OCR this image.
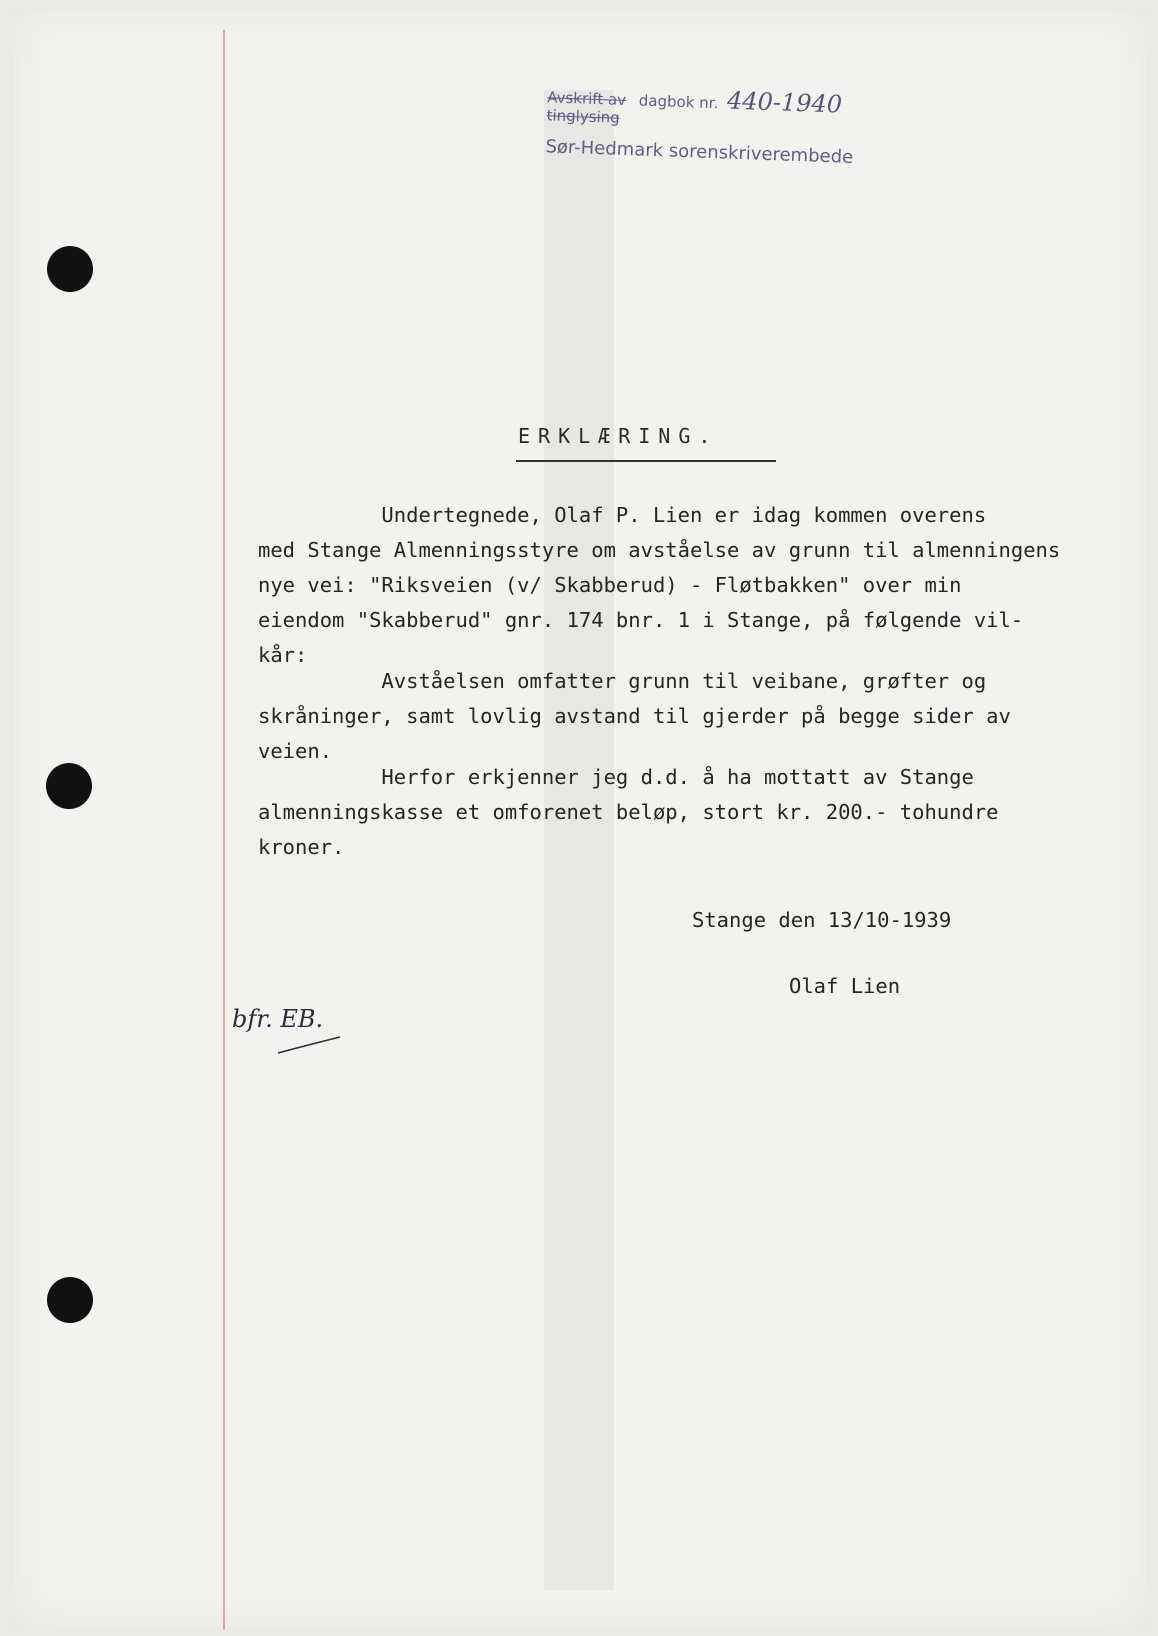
Avskrift av dagbok nr. 440-1940
tinglysing
Sør-Hedmark sorenskriverembede
ERKLÆRING.

Undertegnede, Olaf P. Lien er idag kommen overens

med Stange Almenningsstyre om avståelse av grunn til almenningens

nye vei: "Riksveien (v/ Skabberud) - Fløtbakken" over min

eiendom "Skabberud" gnr. 174 bnr. 1 i Stange, på følgende vil-

kår:

Avståelsen omfatter grunn til veibane, grøfter og

skråninger, samt lovlig avstand til gjerder på begge sider av

veien.

Herfor erkjenner jeg d.d. å ha mottatt av Stange

almenningskasse et omforenet beløp, stort kr. 200.- tohundre

kroner.

Stange den 13/10-1939
Olaf Lien
bfr. EB.
